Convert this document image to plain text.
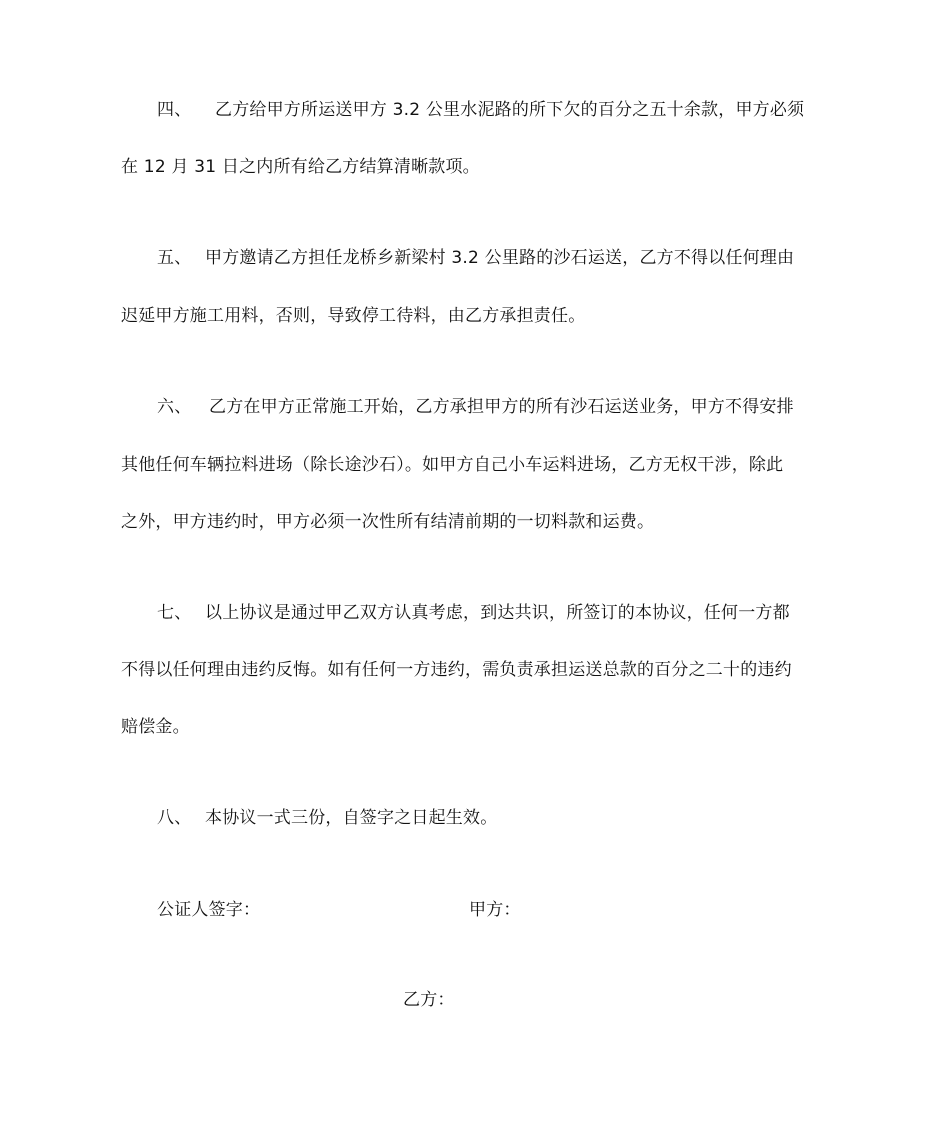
四、 乙方给甲方所运送甲方 3.2 公里水泥路的所下欠的百分之五十余款，甲方必须
在 12 月 31 日之内所有给乙方结算清晰款项。
五、 甲方邀请乙方担任龙桥乡新梁村 3.2 公里路的沙石运送，乙方不得以任何理由
迟延甲方施工用料，否则，导致停工待料，由乙方承担责任。
六、 乙方在甲方正常施工开始，乙方承担甲方的所有沙石运送业务，甲方不得安排
其他任何车辆拉料进场（除长途沙石）。如甲方自己小车运料进场，乙方无权干涉，除此
之外，甲方违约时，甲方必须一次性所有结清前期的一切料款和运费。
七、 以上协议是通过甲乙双方认真考虑，到达共识，所签订的本协议，任何一方都
不得以任何理由违约反悔。如有任何一方违约，需负责承担运送总款的百分之二十的违约
赔偿金。
八、 本协议一式三份，自签字之日起生效。
公证人签字：	甲方：
乙方：
